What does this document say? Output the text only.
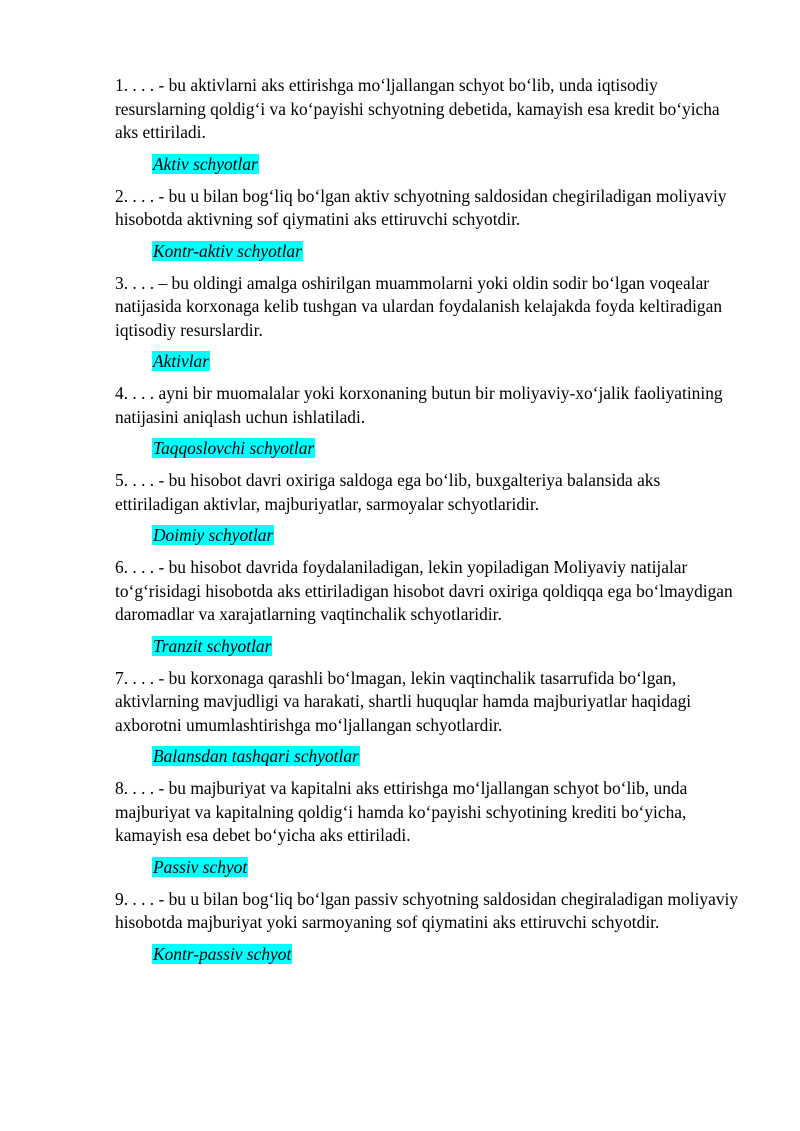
1. . . . - bu aktivlarni aks ettirishga mo‘ljallangan schyot bo‘lib, unda iqtisodiy resurslarning qoldig‘i va ko‘payishi schyotning debetida, kamayish esa kredit bo‘yicha aks ettiriladi.

Aktiv schyotlar

2. . . . - bu u bilan bog‘liq bo‘lgan aktiv schyotning saldosidan chegiriladigan moliyaviy hisobotda aktivning sof qiymatini aks ettiruvchi schyotdir.

Kontr-aktiv schyotlar

3. . . . – bu oldingi amalga oshirilgan muammolarni yoki oldin sodir bo‘lgan voqealar natijasida korxonaga kelib tushgan va ulardan foydalanish kelajakda foyda keltiradigan iqtisodiy resurslardir.

Aktivlar

4. . . . ayni bir muomalalar yoki korxonaning butun bir moliyaviy-xo‘jalik faoliyatining natijasini aniqlash uchun ishlatiladi.

Taqqoslovchi schyotlar

5. . . . - bu hisobot davri oxiriga saldoga ega bo‘lib, buxgalteriya balansida aks ettiriladigan aktivlar, majburiyatlar, sarmoyalar schyotlaridir.

Doimiy schyotlar

6. . . . - bu hisobot davrida foydalaniladigan, lekin yopiladigan Moliyaviy natijalar to‘g‘risidagi hisobotda aks ettiriladigan hisobot davri oxiriga qoldiqqa ega bo‘lmaydigan daromadlar va xarajatlarning vaqtinchalik schyotlaridir.

Tranzit schyotlar

7. . . . - bu korxonaga qarashli bo‘lmagan, lekin vaqtinchalik tasarrufida bo‘lgan, aktivlarning mavjudligi va harakati, shartli huquqlar hamda majburiyatlar haqidagi axborotni umumlashtirishga mo‘ljallangan schyotlardir.

Balansdan tashqari schyotlar

8. . . . - bu majburiyat va kapitalni aks ettirishga mo‘ljallangan schyot bo‘lib, unda majburiyat va kapitalning qoldig‘i hamda ko‘payishi schyotining krediti bo‘yicha, kamayish esa debet bo‘yicha aks ettiriladi.

Passiv schyot

9. . . . - bu u bilan bog‘liq bo‘lgan passiv schyotning saldosidan chegiraladigan moliyaviy hisobotda majburiyat yoki sarmoyaning sof qiymatini aks ettiruvchi schyotdir.

Kontr-passiv schyot
